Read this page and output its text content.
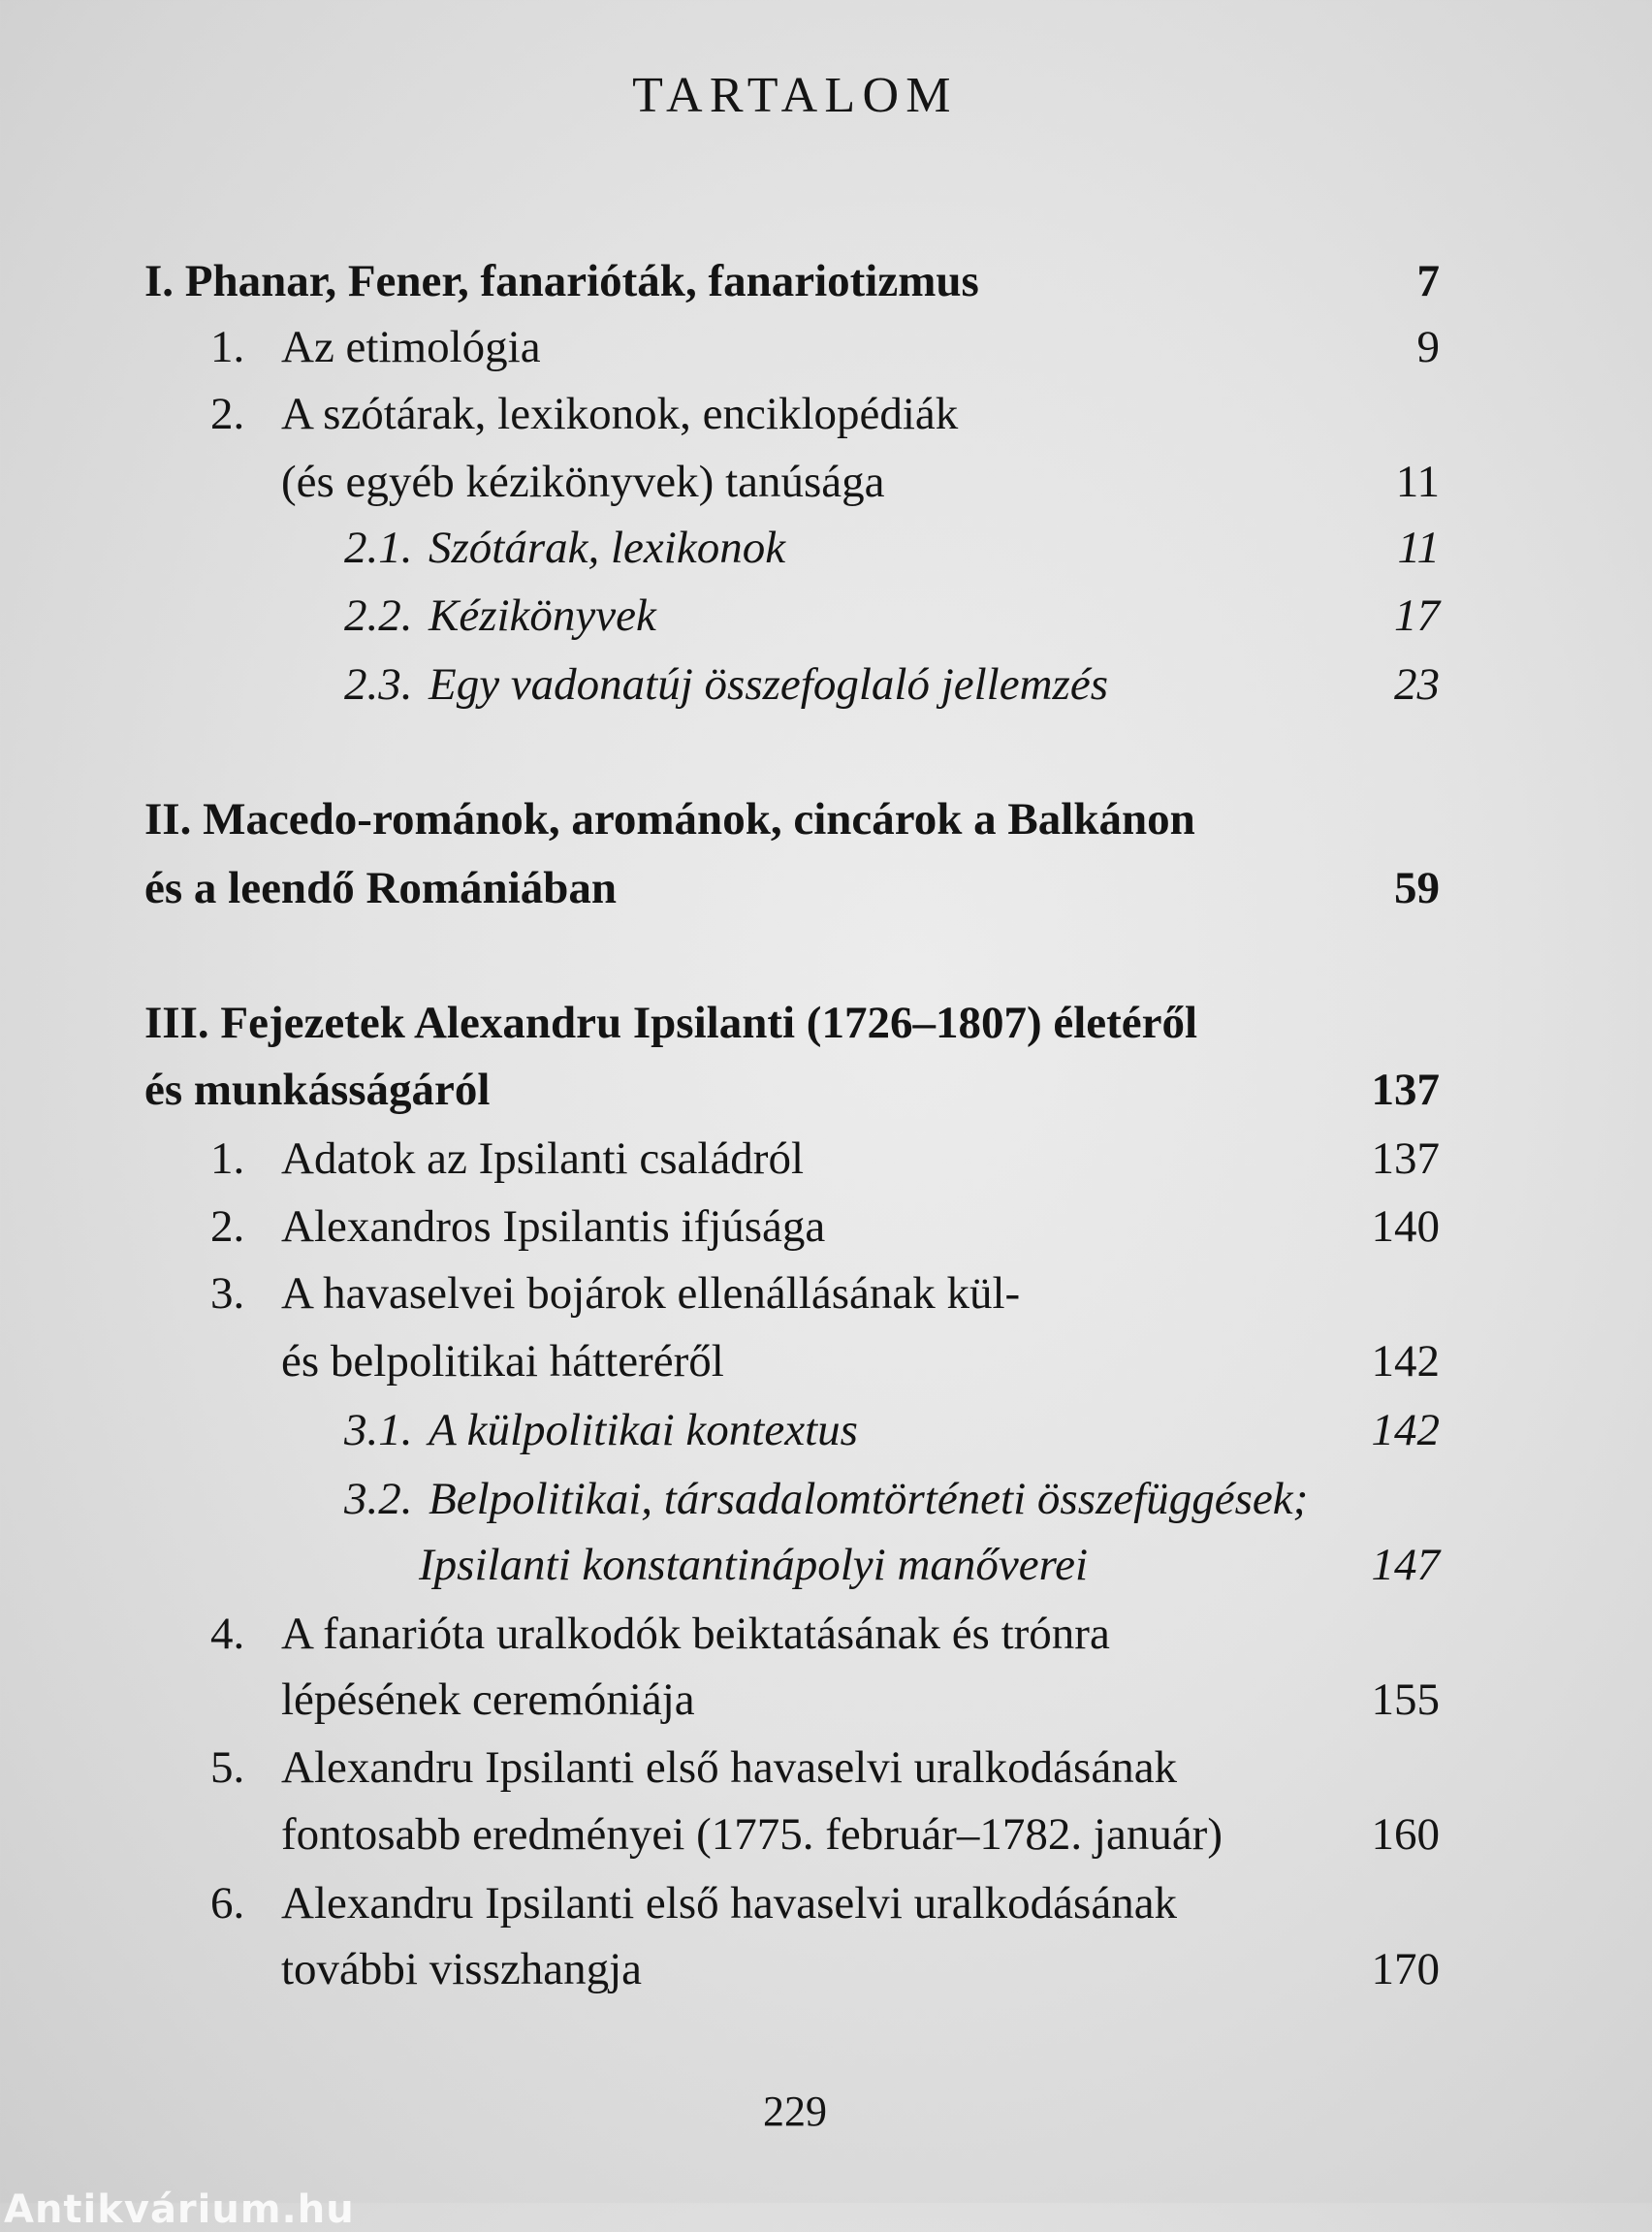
TARTALOM
I. Phanar, Fener, fanarióták, fanariotizmus	7
1. Az etimológia	9
2. A szótárak, lexikonok, enciklopédiák
(és egyéb kézikönyvek) tanúsága	11
2.1. Szótárak, lexikonok	11
2.2. Kézikönyvek	17
2.3. Egy vadonatúj összefoglaló jellemzés	23
II. Macedo-románok, arománok, cincárok a Balkánon
és a leendő Romániában	59
III. Fejezetek Alexandru Ipsilanti (1726–1807) életéről
és munkásságáról	137
1. Adatok az Ipsilanti családról	137
2. Alexandros Ipsilantis ifjúsága	140
3. A havaselvei bojárok ellenállásának kül-
és belpolitikai hátteréről	142
3.1. A külpolitikai kontextus	142
3.2. Belpolitikai, társadalomtörténeti összefüggések;
Ipsilanti konstantinápolyi manőverei	147
4. A fanarióta uralkodók beiktatásának és trónra
lépésének ceremóniája	155
5. Alexandru Ipsilanti első havaselvi uralkodásának
fontosabb eredményei (1775. február–1782. január)	160
6. Alexandru Ipsilanti első havaselvi uralkodásának
további visszhangja	170
229
Antikvárium.hu
